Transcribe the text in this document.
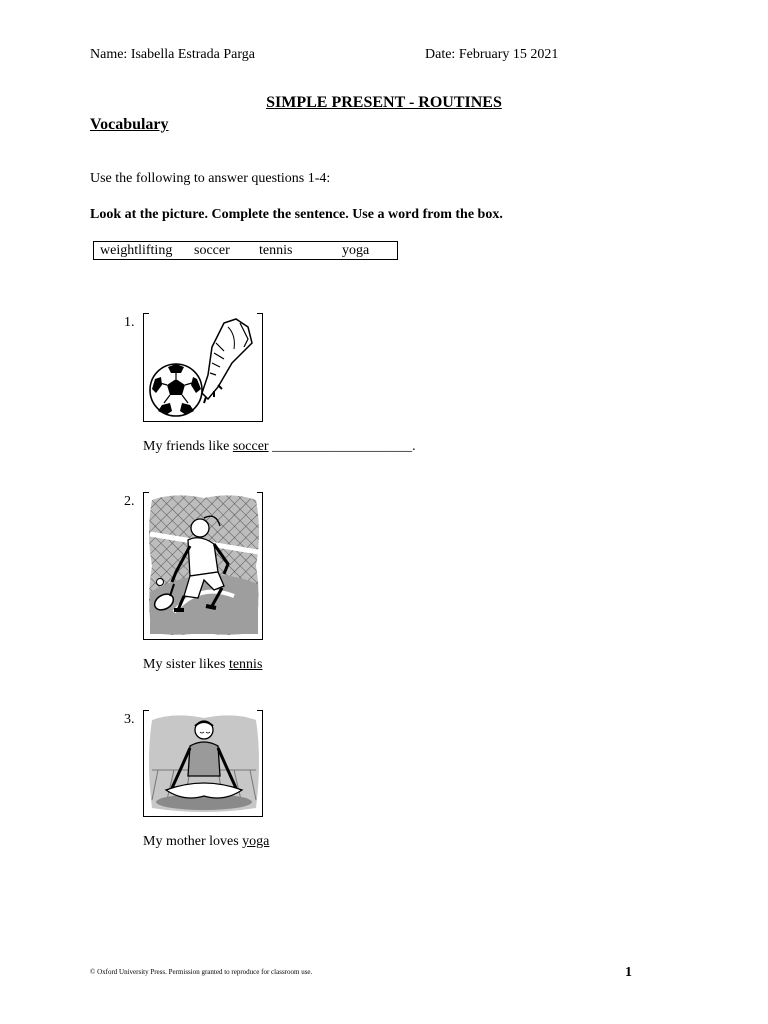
Name: Isabella Estrada Parga	Date: February 15 2021
SIMPLE PRESENT - ROUTINES
Vocabulary
Use the following to answer questions 1-4:
Look at the picture. Complete the sentence. Use a word from the box.
weightlifting soccer tennis	yoga
1.
My friends like soccer ____________________.
2.
My sister likes tennis
3.
My mother loves yoga
© Oxford University Press. Permission granted to reproduce for classroom use.	1
